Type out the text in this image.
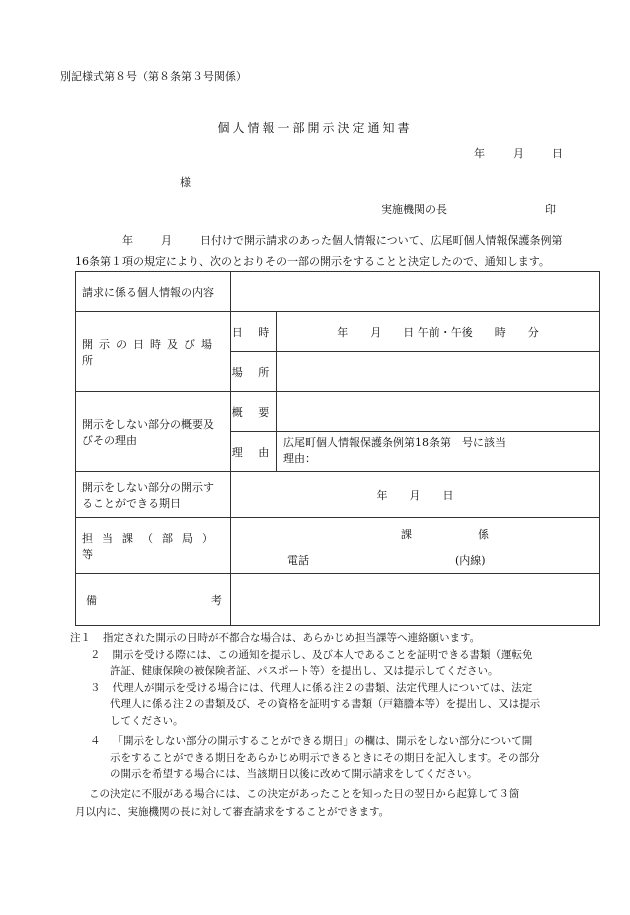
別記様式第８号（第８条第３号関係）
個人情報一部開示決定通知書
年	月	日
様
実施機関の長	印
年	月	日付けで開示請求のあった個人情報について、広尾町個人情報保護条例第
16条第１項の規定により、次のとおりその一部の開示をすることと決定したので、通知します。
請求に係る個人情報の内容		
開示の日時及び場所	日 時	年　　月　　日 午前・午後　　時　　分
	場 所	

開示をしない部分の概要及
びその理由	概 要	
	理 由	広尾町個人情報保護条例第18条第　号に該当
理由：

開示をしない部分の開示す
ることができる期日	年　　月　　日	
担当課（部局）等	課　　　　　　係
電話 (内線)	

備 考		

注１ 指定された開示の日時が不都合な場合は、あらかじめ担当課等へ連絡願います。
２ 開示を受ける際には、この通知を提示し、及び本人であることを証明できる書類（運転免
許証、健康保険の被保険者証、パスポート等）を提出し、又は提示してください。
３ 代理人が開示を受ける場合には、代理人に係る注２の書類、法定代理人については、法定
代理人に係る注２の書類及び、その資格を証明する書類（戸籍謄本等）を提出し、又は提示
してください。
４ 「開示をしない部分の開示することができる期日」の欄は、開示をしない部分について開
示をすることができる期日をあらかじめ明示できるときにその期日を記入します。その部分
の開示を希望する場合には、当該期日以後に改めて開示請求をしてください。
この決定に不服がある場合には、この決定があったことを知った日の翌日から起算して３箇
月以内に、実施機関の長に対して審査請求をすることができます。
